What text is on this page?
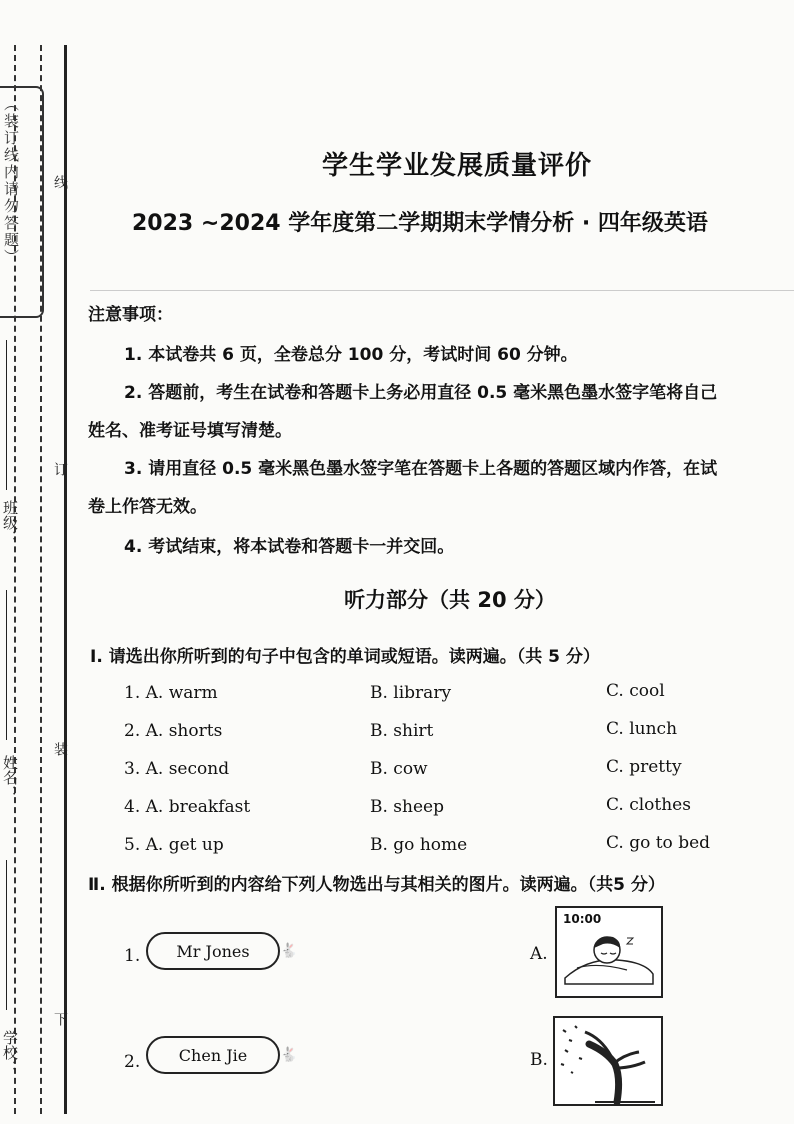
（装订线内请勿答题）
班级：
姓名：
学校：
线
订
装
下
学生学业发展质量评价
2023 ~2024 学年度第二学期期末学情分析 · 四年级英语
注意事项：
1. 本试卷共 6 页，全卷总分 100 分，考试时间 60 分钟。
2. 答题前，考生在试卷和答题卡上务必用直径 0.5 毫米黑色墨水签字笔将自己
姓名、准考证号填写清楚。
3. 请用直径 0.5 毫米黑色墨水签字笔在答题卡上各题的答题区域内作答，在试
卷上作答无效。
4. 考试结束，将本试卷和答题卡一并交回。
听力部分（共 20 分）
Ⅰ. 请选出你所听到的句子中包含的单词或短语。读两遍。（共 5 分）
1. A. warm	B. library	C. cool
2. A. shorts	B. shirt	C. lunch
3. A. second	B. cow	C. pretty
4. A. breakfast	B. sheep	C. clothes
5. A. get up	B. go home	C. go to bed
Ⅱ. 根据你所听到的内容给下列人物选出与其相关的图片。读两遍。（共5 分）
1. Mr Jones 🐇
2. Chen Jie 🐇
A.
10:00
B.
